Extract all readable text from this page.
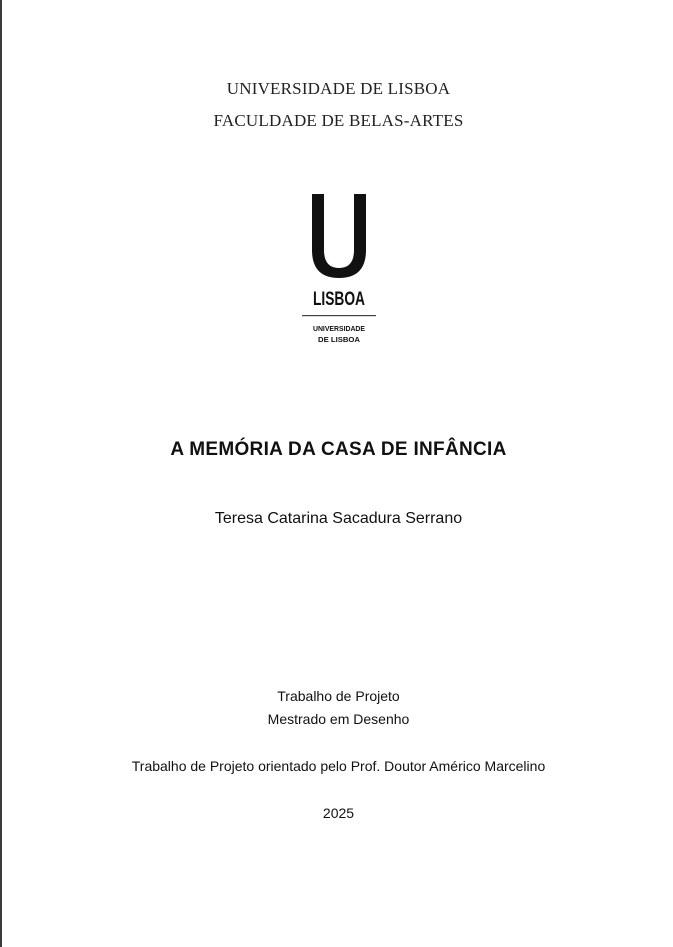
UNIVERSIDADE DE LISBOA
FACULDADE DE BELAS-ARTES
LISBOA
UNIVERSIDADE
DE LISBOA
A MEMÓRIA DA CASA DE INFÂNCIA
Teresa Catarina Sacadura Serrano
Trabalho de Projeto
Mestrado em Desenho
Trabalho de Projeto orientado pelo Prof. Doutor Américo Marcelino
2025
